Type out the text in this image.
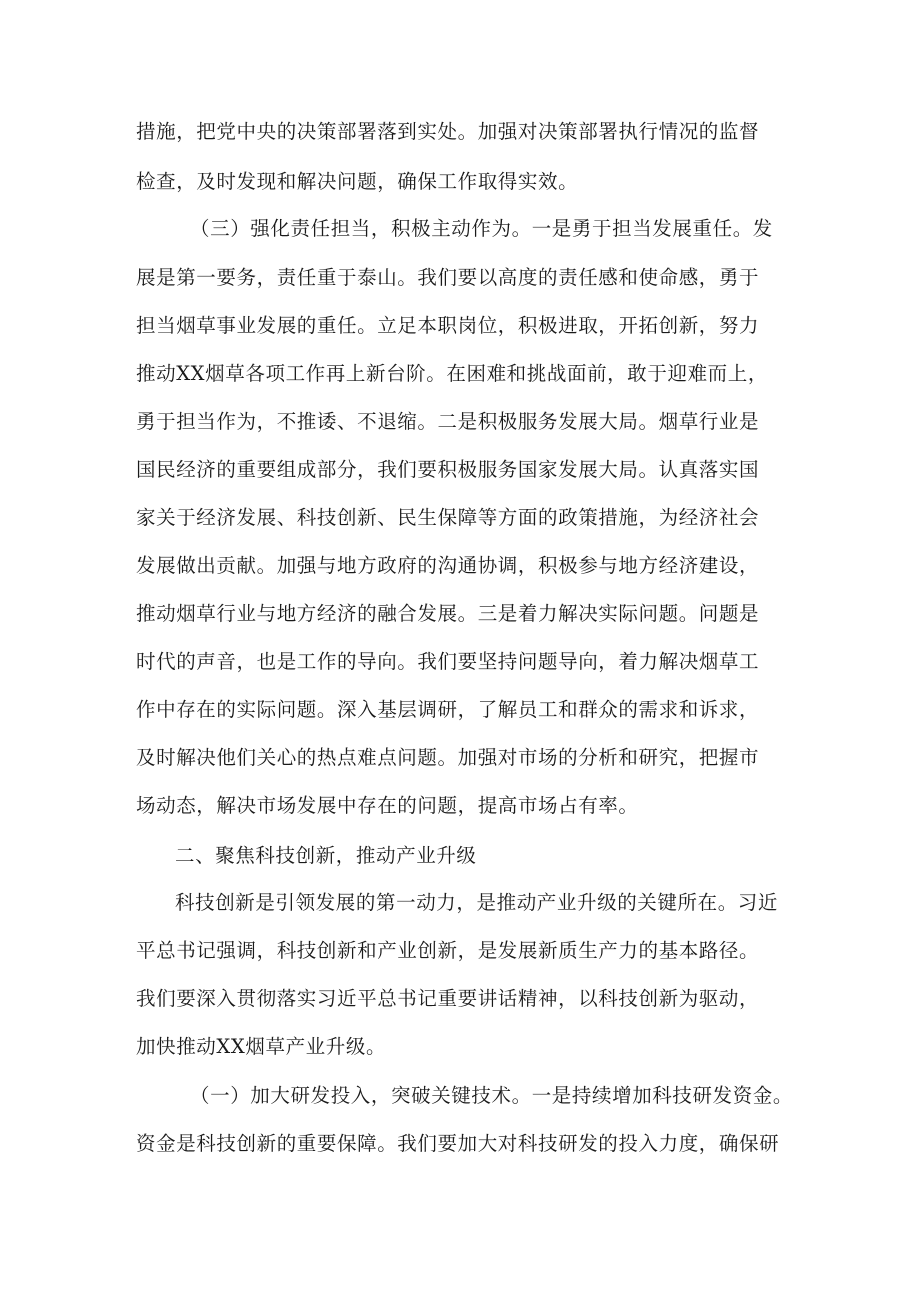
措施，把党中央的决策部署落到实处。加强对决策部署执行情况的监督
检查，及时发现和解决问题，确保工作取得实效。
（三）强化责任担当，积极主动作为。一是勇于担当发展重任。发
展是第一要务，责任重于泰山。我们要以高度的责任感和使命感，勇于
担当烟草事业发展的重任。立足本职岗位，积极进取，开拓创新，努力
推动XX烟草各项工作再上新台阶。在困难和挑战面前，敢于迎难而上，
勇于担当作为，不推诿、不退缩。二是积极服务发展大局。烟草行业是
国民经济的重要组成部分，我们要积极服务国家发展大局。认真落实国
家关于经济发展、科技创新、民生保障等方面的政策措施，为经济社会
发展做出贡献。加强与地方政府的沟通协调，积极参与地方经济建设，
推动烟草行业与地方经济的融合发展。三是着力解决实际问题。问题是
时代的声音，也是工作的导向。我们要坚持问题导向，着力解决烟草工
作中存在的实际问题。深入基层调研，了解员工和群众的需求和诉求，
及时解决他们关心的热点难点问题。加强对市场的分析和研究，把握市
场动态，解决市场发展中存在的问题，提高市场占有率。
二、聚焦科技创新，推动产业升级
科技创新是引领发展的第一动力，是推动产业升级的关键所在。习近
平总书记强调，科技创新和产业创新，是发展新质生产力的基本路径。
我们要深入贯彻落实习近平总书记重要讲话精神，以科技创新为驱动，
加快推动XX烟草产业升级。
（一）加大研发投入，突破关键技术。一是持续增加科技研发资金。
资金是科技创新的重要保障。我们要加大对科技研发的投入力度，确保研
